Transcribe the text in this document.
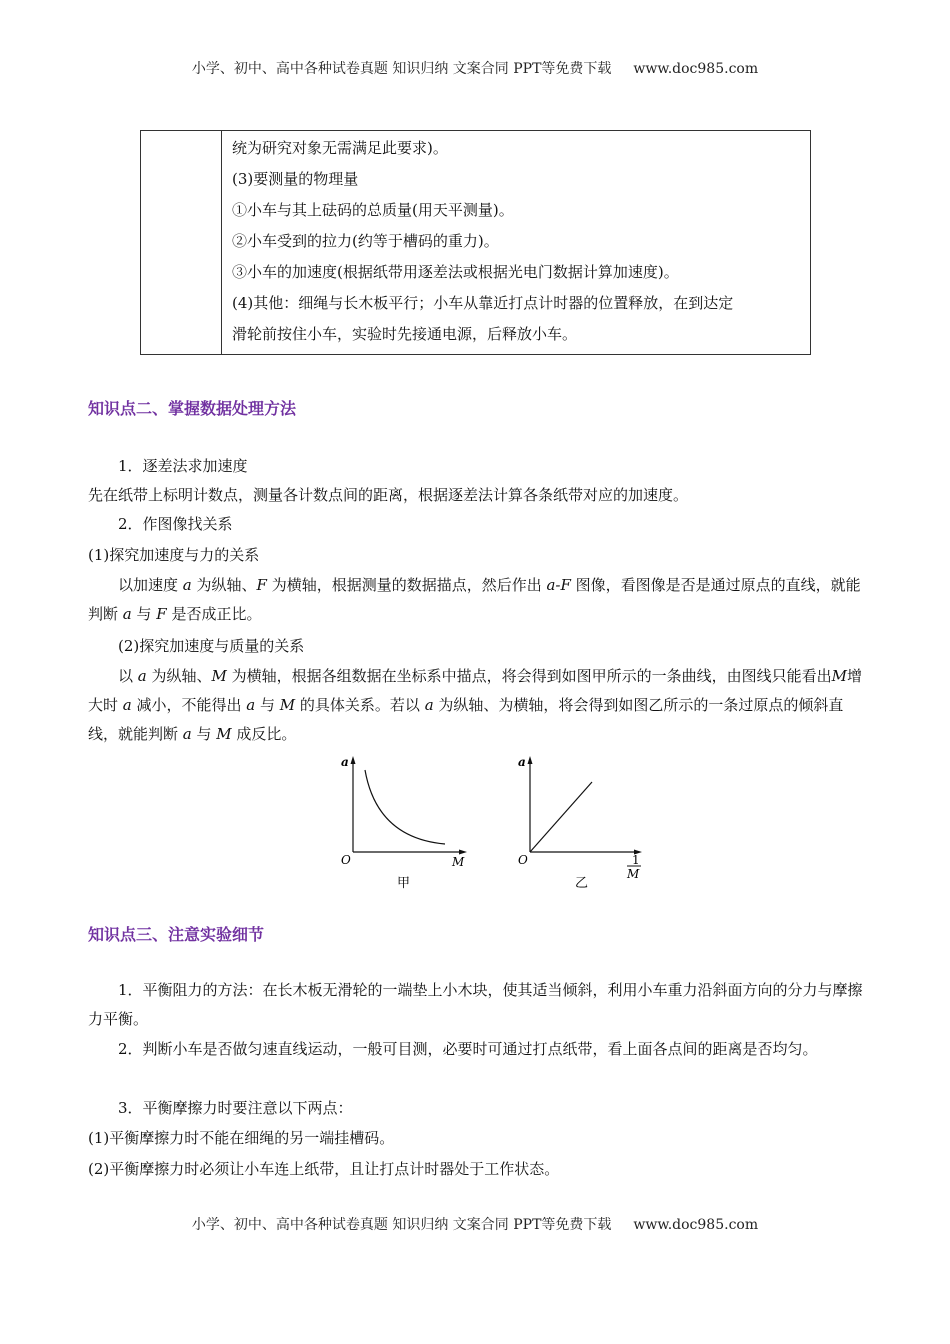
小学、初中、高中各种试卷真题 知识归纳 文案合同 PPT等免费下载 www.doc985.com

统为研究对象无需满足此要求)。
(3)要测量的物理量
①小车与其上砝码的总质量(用天平测量)。
②小车受到的拉力(约等于槽码的重力)。
③小车的加速度(根据纸带用逐差法或根据光电门数据计算加速度)。
(4)其他：细绳与长木板平行；小车从靠近打点计时器的位置释放，在到达定
滑轮前按住小车，实验时先接通电源，后释放小车。
知识点二、掌握数据处理方法
1．逐差法求加速度
先在纸带上标明计数点，测量各计数点间的距离，根据逐差法计算各条纸带对应的加速度。
2．作图像找关系
(1)探究加速度与力的关系
以加速度 a 为纵轴、F 为横轴，根据测量的数据描点，然后作出 a-F 图像，看图像是否是通过原点的直线，就能判断 a 与 F 是否成正比。
(2)探究加速度与质量的关系
以 a 为纵轴、M 为横轴，根据各组数据在坐标系中描点，将会得到如图甲所示的一条曲线，由图线只能看出M增大时 a 减小，不能得出 a 与 M 的具体关系。若以 a 为纵轴、为横轴，将会得到如图乙所示的一条过原点的倾斜直线，就能判断 a 与 M 成反比。
a
M
O
甲
a
1
M
O
乙
知识点三、注意实验细节
1．平衡阻力的方法：在长木板无滑轮的一端垫上小木块，使其适当倾斜，利用小车重力沿斜面方向的分力与摩擦力平衡。
2．判断小车是否做匀速直线运动，一般可目测，必要时可通过打点纸带，看上面各点间的距离是否均匀。
3．平衡摩擦力时要注意以下两点：
(1)平衡摩擦力时不能在细绳的另一端挂槽码。
(2)平衡摩擦力时必须让小车连上纸带，且让打点计时器处于工作状态。
小学、初中、高中各种试卷真题 知识归纳 文案合同 PPT等免费下载 www.doc985.com
